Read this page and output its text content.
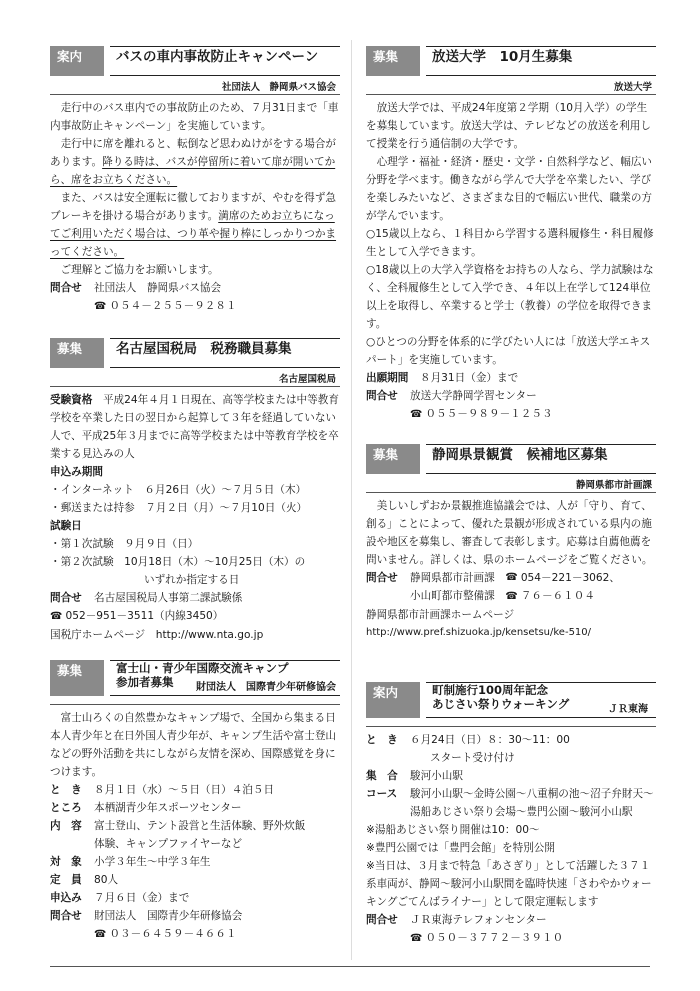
案内	バスの車内事故防止キャンペーン
社団法人　静岡県バス協会

走行中のバス車内での事故防止のため、７月31日まで「車内事故防止キャンペーン」を実施しています。

走行中に席を離れると、転倒など思わぬけがをする場合があります。降りる時は、バスが停留所に着いて扉が開いてから、席をお立ちください。

また、バスは安全運転に徹しておりますが、やむを得ず急ブレーキを掛ける場合があります。満席のためお立ちになってご利用いただく場合は、つり革や握り棒にしっかりつかまってください。

ご理解とご協力をお願いします。

問合せ	社団法人　静岡県バス協会
☎ ０５４－２５５－９２８１
募集	名古屋国税局　税務職員募集
名古屋国税局
受験資格　 平成24年４月１日現在、高等学校または中等教育学校を卒業した日の翌日から起算して３年を経過していない人で、平成25年３月までに高等学校または中等教育学校を卒業する見込みの人
申込み期間
・インターネット　６月26日（火）～７月５日（木）
・郵送または持参　７月２日（月）～７月10日（火）
試験日
・第１次試験　９月９日（日）
・第２次試験　10月18日（木）～10月25日（木）の
いずれか指定する日
問合せ	名古屋国税局人事第二課試験係
☎ 052－951－3511（内線3450）
国税庁ホームページ　http://www.nta.go.jp
募集	富士山・青少年国際交流キャンプ
参加者募集	財団法人　国際青少年研修協会

富士山ろくの自然豊かなキャンプ場で、全国から集まる日本人青少年と在日外国人青少年が、キャンプ生活や富士登山などの野外活動を共にしながら友情を深め、国際感覚を身につけます。

と　き	８月１日（水）～５日（日）４泊５日
ところ	本栖湖青少年スポーツセンター
内　容	富士登山、テント設営と生活体験、野外炊飯
体験、キャンプファイヤーなど
対　象	小学３年生～中学３年生
定　員	80人
申込み	７月６日（金）まで
問合せ	財団法人　国際青少年研修協会
☎ ０３－６４５９－４６６１
募集	放送大学　10月生募集
放送大学

放送大学では、平成24年度第２学期（10月入学）の学生を募集しています。放送大学は、テレビなどの放送を利用して授業を行う通信制の大学です。

心理学・福祉・経済・歴史・文学・自然科学など、幅広い分野を学べます。働きながら学んで大学を卒業したい、学びを楽しみたいなど、さまざまな目的で幅広い世代、職業の方が学んでいます。

○15歳以上なら、１科目から学習する選科履修生・科目履修生として入学できます。
○18歳以上の大学入学資格をお持ちの人なら、学力試験はなく、全科履修生として入学でき、４年以上在学して124単位以上を取得し、卒業すると学士（教養）の学位を取得できます。
○ひとつの分野を体系的に学びたい人には「放送大学エキスパート」を実施しています。
出願期間	８月31日（金）まで
問合せ	放送大学静岡学習センター
☎ ０５５－９８９－１２５３
募集	静岡県景観賞　候補地区募集
静岡県都市計画課

美しいしずおか景観推進協議会では、人が「守り、育て、創る」ことによって、優れた景観が形成されている県内の施設や地区を募集し、審査して表彰します。応募は自薦他薦を問いません。詳しくは、県のホームページをご覧ください。

問合せ	静岡県都市計画課
　 ☎ 054－221－3062、
小山町都市整備課　 ☎ ７６－６１０４
静岡県都市計画課ホームページ
http://www.pref.shizuoka.jp/kensetsu/ke-510/
案内	町制施行100周年記念
あじさい祭りウォーキング	ＪＲ東海
と　き	６月24日（日）８：30～11：00
スタート受け付け
集　合	駿河小山駅
コース	駿河小山駅～金時公園～八重桐の池～沼子弁財天～湯船あじさい祭り会場～豊門公園～駿河小山駅
※湯船あじさい祭り開催は10：00～
※豊門公園では「豊門会館」を特別公開
※当日は、３月まで特急「あさぎり」として活躍した３７１系車両が、静岡～駿河小山駅間を臨時快速「さわやかウォーキングごてんばライナー」として限定運転します
問合せ	ＪＲ東海テレフォンセンター
☎ ０５０－３７７２－３９１０
